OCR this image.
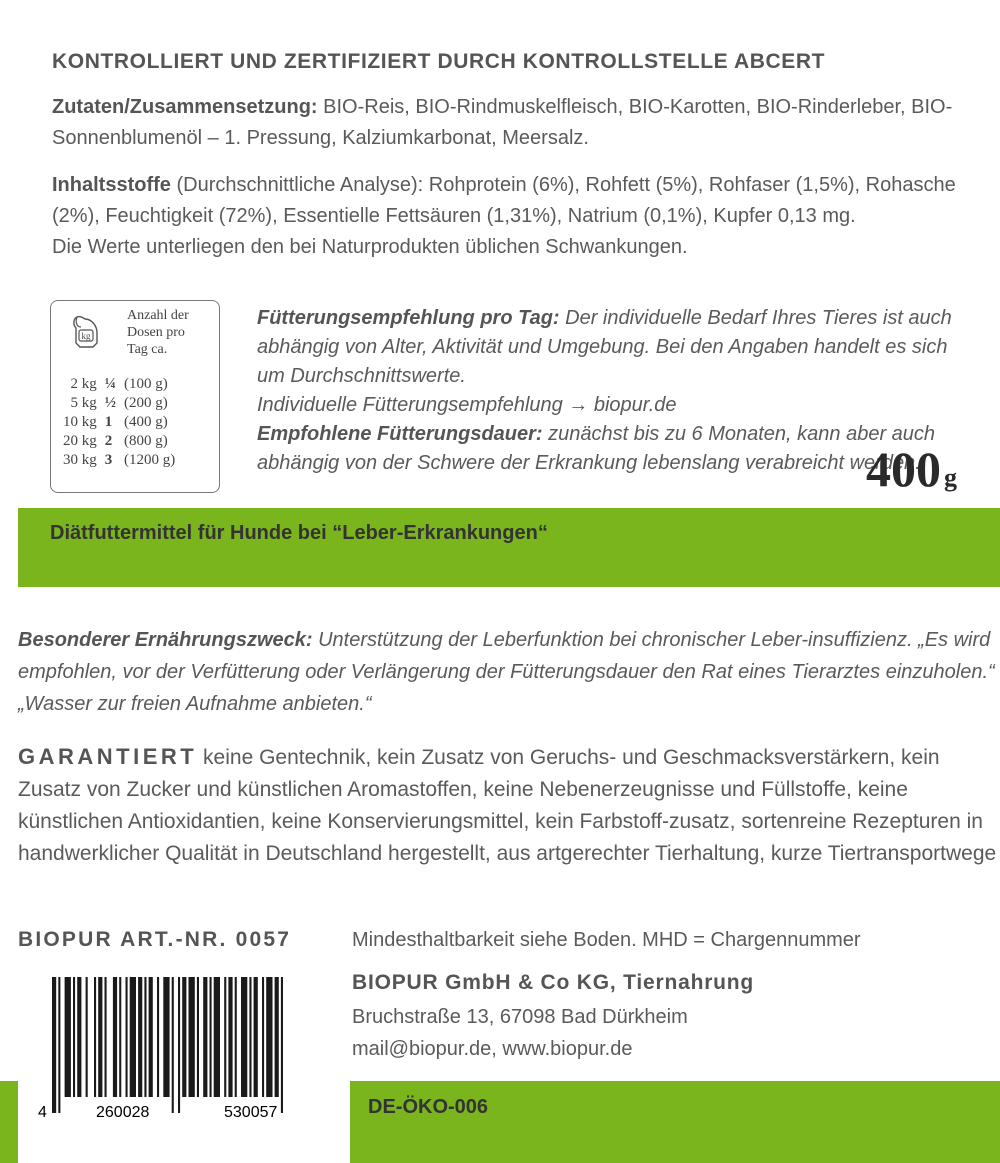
KONTROLLIERT UND ZERTIFIZIERT DURCH KONTROLLSTELLE ABCERT
Zutaten/Zusammensetzung: BIO-Reis, BIO-Rindmuskelfleisch, BIO-Karotten, BIO-Rinderleber, BIO-Sonnenblumenöl – 1. Pressung, Kalziumkarbonat, Meersalz.
Inhaltsstoffe (Durchschnittliche Analyse): Rohprotein (6%), Rohfett (5%), Rohfaser (1,5%), Rohasche (2%), Feuchtigkeit (72%), Essentielle Fettsäuren (1,31%), Natrium (0,1%), Kupfer 0,13 mg.
Die Werte unterliegen den bei Naturprodukten üblichen Schwankungen.
kg
Anzahl der
Dosen pro
Tag ca.
2 kg	¼	(100 g)
5 kg	½	(200 g)
10 kg	1	(400 g)
20 kg	2	(800 g)
30 kg	3	(1200 g)
Fütterungsempfehlung pro Tag: Der individuelle Bedarf Ihres Tieres ist auch abhängig von Alter, Aktivität und Umgebung. Bei den Angaben handelt es sich um Durchschnittswerte.
Individuelle Fütterungsempfehlung → biopur.de
Empfohlene Fütterungsdauer: zunächst bis zu 6 Monaten, kann aber auch abhängig von der Schwere der Erkrankung lebenslang verabreicht werden.
400 g
Diätfuttermittel für Hunde bei “Leber-Erkrankungen“
Besonderer Ernährungszweck: Unterstützung der Leberfunktion bei chronischer Leber-insuffizienz. „Es wird empfohlen, vor der Verfütterung oder Verlängerung der Fütterungsdauer den Rat eines Tierarztes einzuholen.“ „Wasser zur freien Aufnahme anbieten.“
GARANTIERT keine Gentechnik, kein Zusatz von Geruchs- und Geschmacksverstärkern, kein Zusatz von Zucker und künstlichen Aromastoffen, keine Nebenerzeugnisse und Füllstoffe, keine künstlichen Antioxidantien, keine Konservierungsmittel, kein Farbstoff-zusatz, sortenreine Rezepturen in handwerklicher Qualität in Deutschland hergestellt, aus artgerechter Tierhaltung, kurze Tiertransportwege
BIOPUR ART.-NR. 0057	Mindesthaltbarkeit siehe Boden. MHD = Chargennummer
BIOPUR GmbH & Co KG, Tiernahrung
Bruchstraße 13, 67098 Bad Dürkheim
mail@biopur.de, www.biopur.de
DE-ÖKO-006
4	260028	530057
